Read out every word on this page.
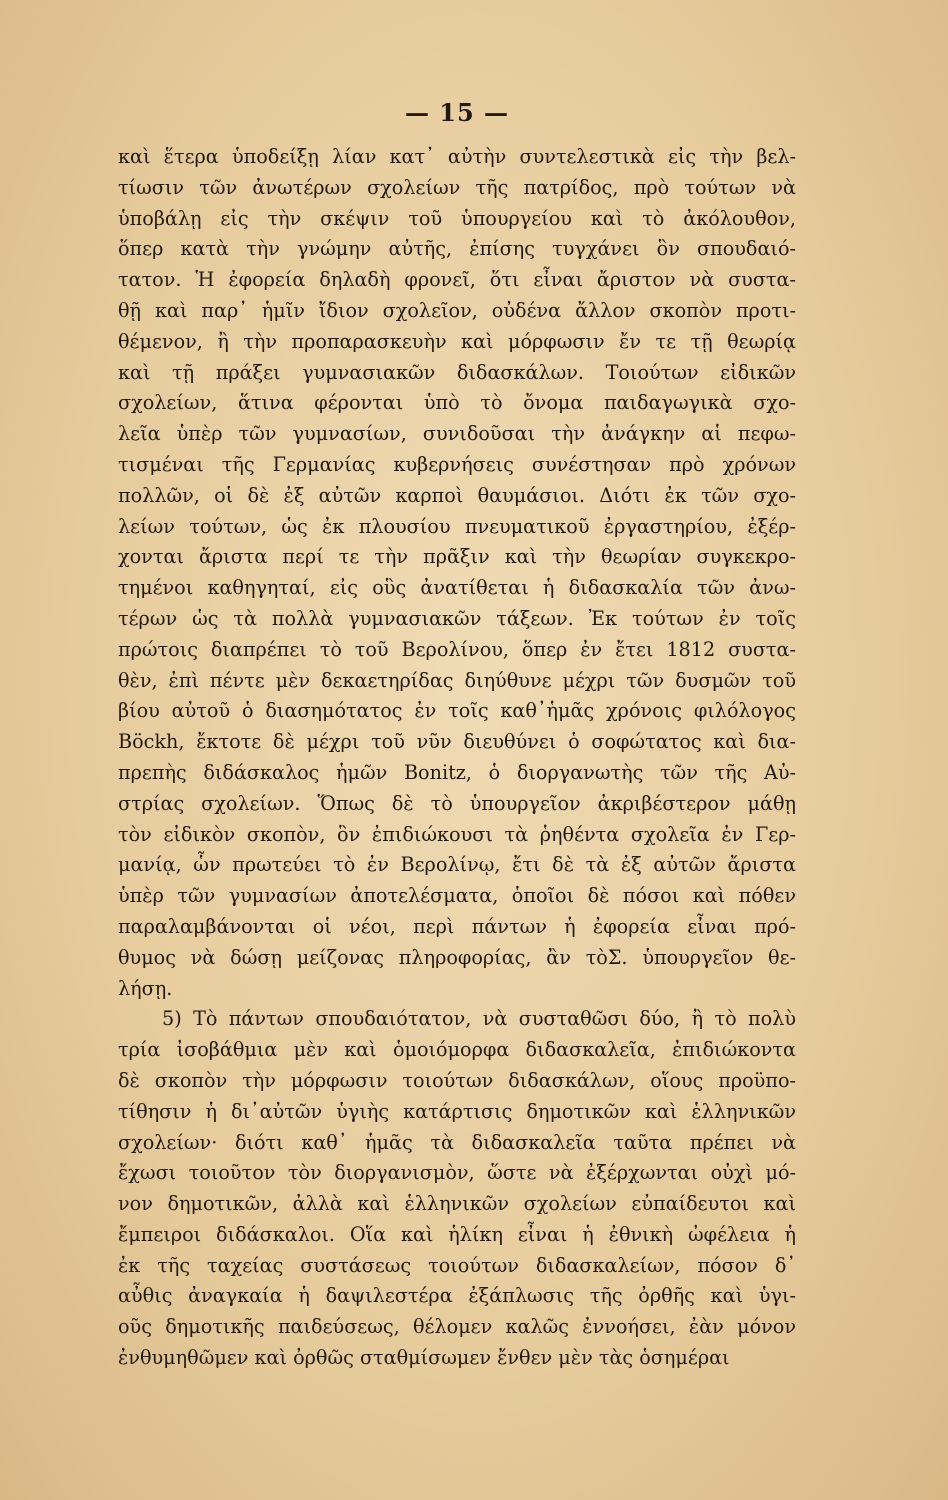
— 15 —
καὶ ἕτερα ὑποδείξῃ λίαν κατ᾽ αὐτὴν συντελεστικὰ εἰς τὴν βελ-
τίωσιν τῶν ἀνωτέρων σχολείων τῆς πατρίδος, πρὸ τούτων νὰ
ὑποβάλῃ εἰς τὴν σκέψιν τοῦ ὑπουργείου καὶ τὸ ἀκόλουθον,
ὅπερ κατὰ τὴν γνώμην αὐτῆς, ἐπίσης τυγχάνει ὃν σπουδαιό-
τατον. Ἡ ἐφορεία δηλαδὴ φρονεῖ, ὅτι εἶναι ἄριστον νὰ συστα-
θῇ καὶ παρ᾽ ἡμῖν ἴδιον σχολεῖον, οὐδένα ἄλλον σκοπὸν προτι-
θέμενον, ἢ τὴν προπαρασκευὴν καὶ μόρφωσιν ἔν τε τῇ θεωρίᾳ
καὶ τῇ πράξει γυμνασιακῶν διδασκάλων. Τοιούτων εἰδικῶν
σχολείων, ἅτινα φέρονται ὑπὸ τὸ ὄνομα παιδαγωγικὰ σχο-
λεῖα ὑπὲρ τῶν γυμνασίων, συνιδοῦσαι τὴν ἀνάγκην αἱ πεφω-
τισμέναι τῆς Γερμανίας κυβερνήσεις συνέστησαν πρὸ χρόνων
πολλῶν, οἱ δὲ ἐξ αὐτῶν καρποὶ θαυμάσιοι. Διότι ἐκ τῶν σχο-
λείων τούτων, ὡς ἐκ πλουσίου πνευματικοῦ ἐργαστηρίου, ἐξέρ-
χονται ἄριστα περί τε τὴν πρᾶξιν καὶ τὴν θεωρίαν συγκεκρο-
τημένοι καθηγηταί, εἰς οὓς ἀνατίθεται ἡ διδασκαλία τῶν ἀνω-
τέρων ὡς τὰ πολλὰ γυμνασιακῶν τάξεων. Ἐκ τούτων ἐν τοῖς
πρώτοις διαπρέπει τὸ τοῦ Βερολίνου, ὅπερ ἐν ἔτει 1812 συστα-
θὲν, ἐπὶ πέντε μὲν δεκαετηρίδας διηύθυνε μέχρι τῶν δυσμῶν τοῦ
βίου αὐτοῦ ὁ διασημότατος ἐν τοῖς καθ᾽ἡμᾶς χρόνοις φιλόλογος
Böckh, ἔκτοτε δὲ μέχρι τοῦ νῦν διευθύνει ὁ σοφώτατος καὶ δια-
πρεπὴς διδάσκαλος ἡμῶν Bonitz, ὁ διοργανωτὴς τῶν τῆς Αὐ-
στρίας σχολείων. Ὅπως δὲ τὸ ὑπουργεῖον ἀκριβέστερον μάθῃ
τὸν εἰδικὸν σκοπὸν, ὃν ἐπιδιώκουσι τὰ ῥηθέντα σχολεῖα ἐν Γερ-
μανίᾳ, ὧν πρωτεύει τὸ ἐν Βερολίνῳ, ἔτι δὲ τὰ ἐξ αὐτῶν ἄριστα
ὑπὲρ τῶν γυμνασίων ἀποτελέσματα, ὁποῖοι δὲ πόσοι καὶ πόθεν
παραλαμβάνονται οἱ νέοι, περὶ πάντων ἡ ἐφορεία εἶναι πρό-
θυμος νὰ δώσῃ μείζονας πληροφορίας, ἂν τὸΣ. ὑπουργεῖον θε-
λήσῃ.
5) Τὸ πάντων σπουδαιότατον, νὰ συσταθῶσι δύο, ἢ τὸ πολὺ
τρία ἰσοβάθμια μὲν καὶ ὁμοιόμορφα διδασκαλεῖα, ἐπιδιώκοντα
δὲ σκοπὸν τὴν μόρφωσιν τοιούτων διδασκάλων, οἵους προϋπο-
τίθησιν ἡ δι᾽αὐτῶν ὑγιὴς κατάρτισις δημοτικῶν καὶ ἑλληνικῶν
σχολείων· διότι καθ᾽ ἡμᾶς τὰ διδασκαλεῖα ταῦτα πρέπει νὰ
ἔχωσι τοιοῦτον τὸν διοργανισμὸν, ὥστε νὰ ἐξέρχωνται οὐχὶ μό-
νον δημοτικῶν, ἀλλὰ καὶ ἑλληνικῶν σχολείων εὐπαίδευτοι καὶ
ἔμπειροι διδάσκαλοι. Οἵα καὶ ἡλίκη εἶναι ἡ ἐθνικὴ ὠφέλεια ἡ
ἐκ τῆς ταχείας συστάσεως τοιούτων διδασκαλείων, πόσον δ᾽
αὖθις ἀναγκαία ἡ δαψιλεστέρα ἐξάπλωσις τῆς ὀρθῆς καὶ ὑγι-
οῦς δημοτικῆς παιδεύσεως, θέλομεν καλῶς ἐννοήσει, ἐὰν μόνον
ἐνθυμηθῶμεν καὶ ὀρθῶς σταθμίσωμεν ἔνθεν μὲν τὰς ὁσημέραι
